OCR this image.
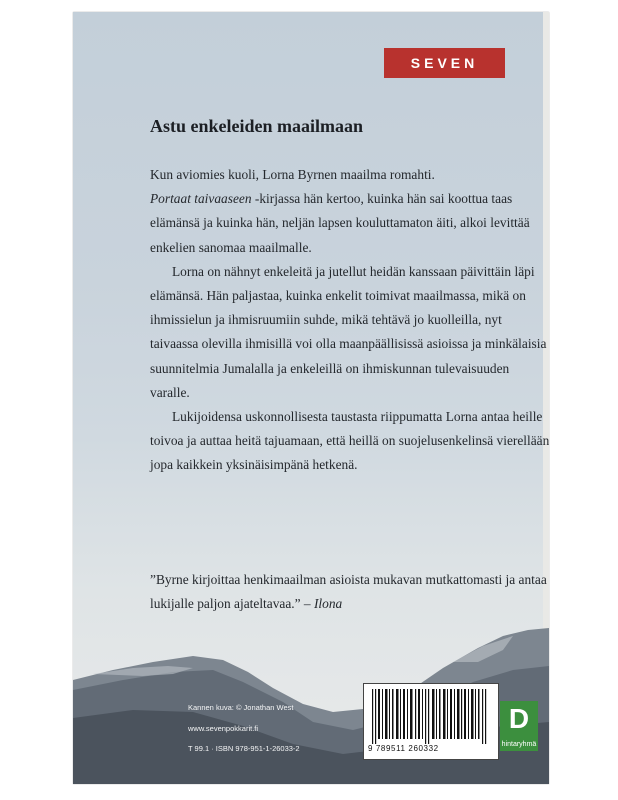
SEVEN
Astu enkeleiden maailmaan

Kun aviomies kuoli, Lorna Byrnen maailma romahti.
Portaat taivaaseen -kirjassa hän kertoo, kuinka hän sai koottua taas elämänsä ja kuinka hän, neljän lapsen kouluttamaton äiti, alkoi levittää enkelien sanomaa maailmalle.

Lorna on nähnyt enkeleitä ja jutellut heidän kanssaan päivittäin läpi elämänsä. Hän paljastaa, kuinka enkelit toimivat maailmassa, mikä on ihmissielun ja ihmisruumiin suhde, mikä tehtävä jo kuolleilla, nyt taivaassa olevilla ihmisillä voi olla maanpäällisissä asioissa ja minkälaisia suunnitelmia Jumalalla ja enkeleillä on ihmiskunnan tulevaisuuden varalle.

Lukijoidensa uskonnollisesta taustasta riippumatta Lorna antaa heille toivoa ja auttaa heitä tajuamaan, että heillä on suojelusenkelinsä vierellään jopa kaikkein yksinäisimpänä hetkenä.

”Byrne kirjoittaa henkimaailman asioista mukavan mutkattomasti ja antaa lukijalle paljon ajateltavaa.” – Ilona
Kannen kuva: © Jonathan West
www.sevenpokkarit.fi
T 99.1 · ISBN 978-951-1-26033-2	9 789511 260332
D
hintaryhmä
